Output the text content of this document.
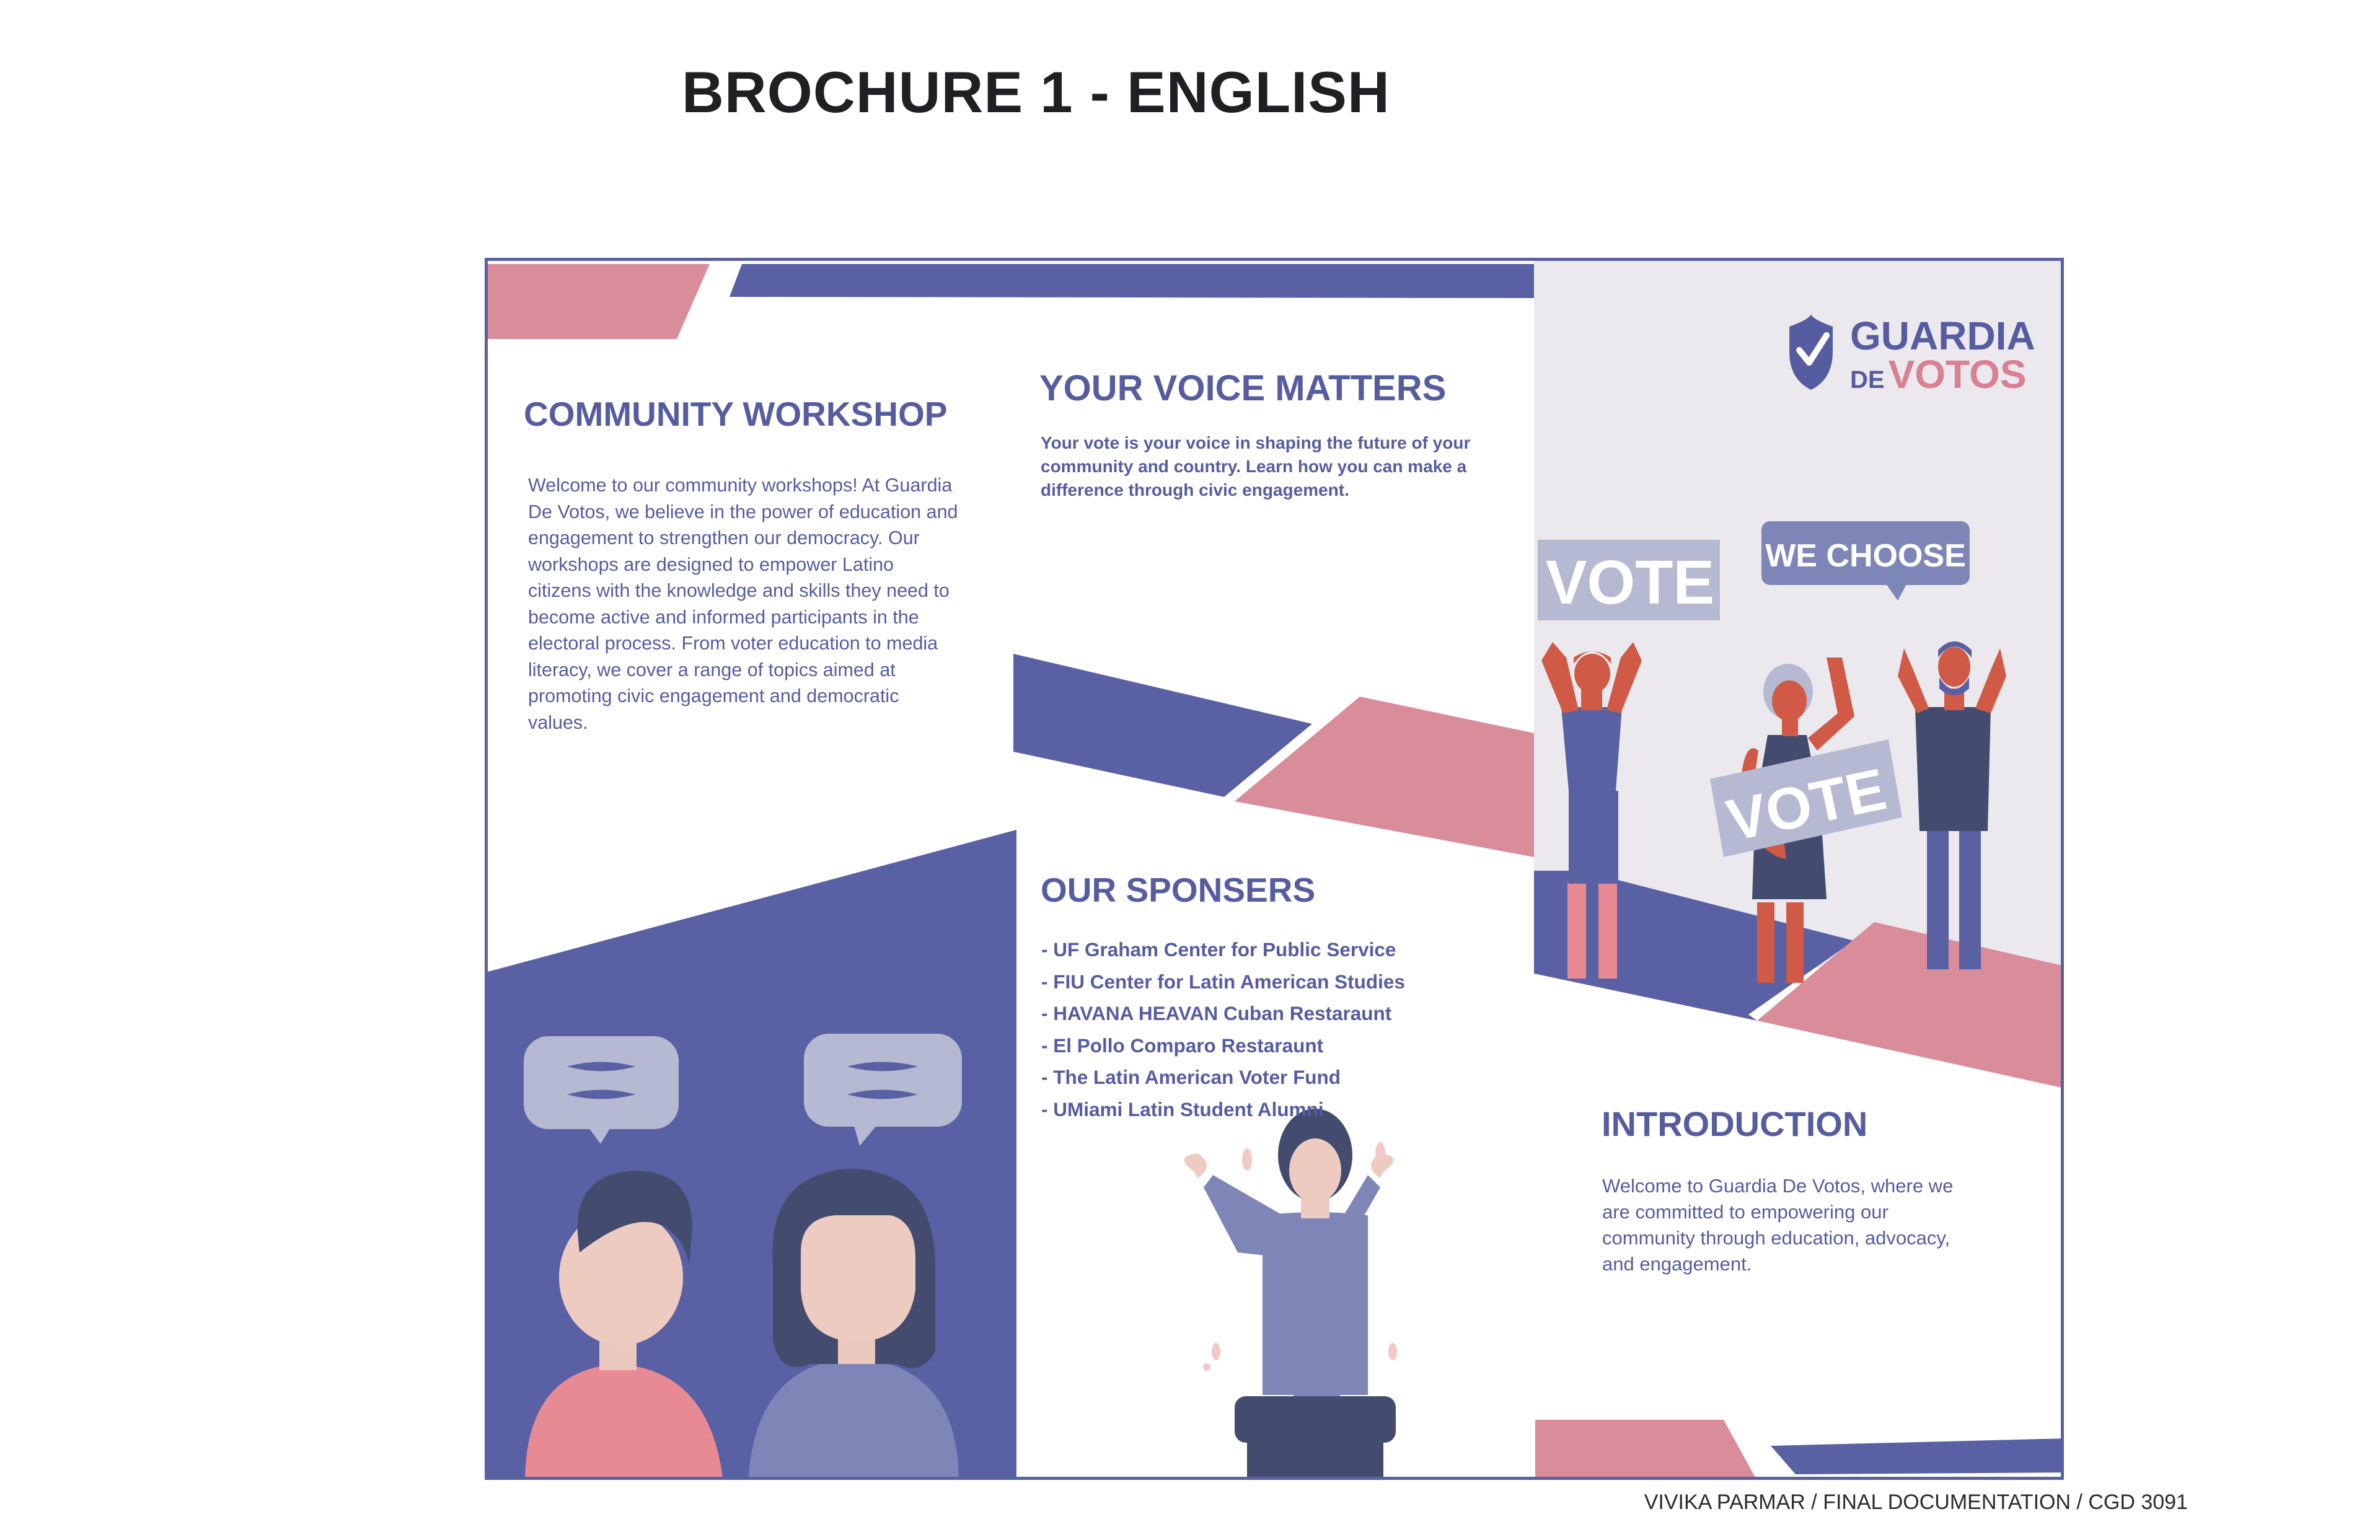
BROCHURE 1 - ENGLISH
VOTE WE CHOOSE
VOTE
GUARDIA
DEVOTOS
COMMUNITY WORKSHOP

Welcome to our community workshops! At Guardia De Votos, we believe in the power of education and engagement to strengthen our democracy. Our workshops are designed to empower Latino citizens with the knowledge and skills they need to become active and informed participants in the electoral process. From voter education to media literacy, we cover a range of topics aimed at promoting civic engagement and democratic values.

YOUR VOICE MATTERS

Your vote is your voice in shaping the future of your community and country. Learn how you can make a difference through civic engagement.

OUR SPONSERS
- UF Graham Center for Public Service
- FIU Center for Latin American Studies
- HAVANA HEAVAN Cuban Restaraunt
- El Pollo Comparo Restaraunt
- The Latin American Voter Fund
- UMiami Latin Student Alumni	INTRODUCTION

Welcome to Guardia De Votos, where we are committed to empowering our community through education, advocacy, and engagement.

VIVIKA PARMAR / FINAL DOCUMENTATION / CGD 3091
